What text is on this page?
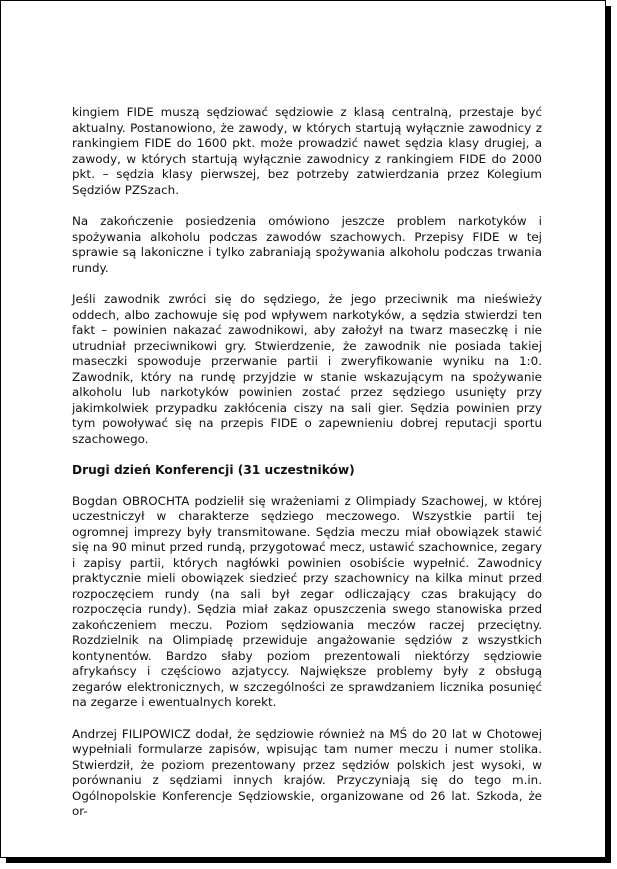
kingiem FIDE muszą sędziować sędziowie z klasą centralną, przestaje być aktualny. Postanowiono, że zawody, w których startują wyłącznie zawodnicy z rankingiem FIDE do 1600 pkt. może prowadzić nawet sędzia klasy drugiej, a zawody, w których startują wyłącznie zawodnicy z rankingiem FIDE do 2000 pkt. – sędzia klasy pierwszej, bez potrzeby zatwierdzania przez Kolegium Sędziów PZSzach.

Na zakończenie posiedzenia omówiono jeszcze problem narkotyków i spożywania alkoholu podczas zawodów szachowych. Przepisy FIDE w tej sprawie są lakoniczne i tylko zabraniają spożywania alkoholu podczas trwania rundy.

Jeśli zawodnik zwróci się do sędziego, że jego przeciwnik ma nieświeży oddech, albo zachowuje się pod wpływem narkotyków, a sędzia stwierdzi ten fakt – powinien nakazać zawodnikowi, aby założył na twarz maseczkę i nie utrudniał przeciwnikowi gry. Stwierdzenie, że zawodnik nie posiada takiej maseczki spowoduje przerwanie partii i zweryfikowanie wyniku na 1:0. Zawodnik, który na rundę przyjdzie w stanie wskazującym na spożywanie alkoholu lub narkotyków powinien zostać przez sędziego usunięty przy jakimkolwiek przypadku zakłócenia ciszy na sali gier. Sędzia powinien przy tym powoływać się na przepis FIDE o zapewnieniu dobrej reputacji sportu szachowego.

Drugi dzień Konferencji (31 uczestników)

Bogdan OBROCHTA podzielił się wrażeniami z Olimpiady Szachowej, w której uczestniczył w charakterze sędziego meczowego. Wszystkie partii tej ogromnej imprezy były transmitowane. Sędzia meczu miał obowiązek stawić się na 90 minut przed rundą, przygotować mecz, ustawić szachownice, zegary i zapisy partii, których nagłówki powinien osobiście wypełnić. Zawodnicy praktycznie mieli obowiązek siedzieć przy szachownicy na kilka minut przed rozpoczęciem rundy (na sali był zegar odliczający czas brakujący do rozpoczęcia rundy). Sędzia miał zakaz opuszczenia swego stanowiska przed zakończeniem meczu. Poziom sędziowania meczów raczej przeciętny. Rozdzielnik na Olimpiadę przewiduje angażowanie sędziów z wszystkich kontynentów. Bardzo słaby poziom prezentowali niektórzy sędziowie afrykańscy i częściowo azjatyccy. Największe problemy były z obsługą zegarów elektronicznych, w szczególności ze sprawdzaniem licznika posunięć na zegarze i ewentualnych korekt.

Andrzej FILIPOWICZ dodał, że sędziowie również na MŚ do 20 lat w Chotowej wypełniali formularze zapisów, wpisując tam numer meczu i numer stolika. Stwierdził, że poziom prezentowany przez sędziów polskich jest wysoki, w porównaniu z sędziami innych krajów. Przyczyniają się do tego m.in. Ogólnopolskie Konferencje Sędziowskie, organizowane od 26 lat. Szkoda, że or-
